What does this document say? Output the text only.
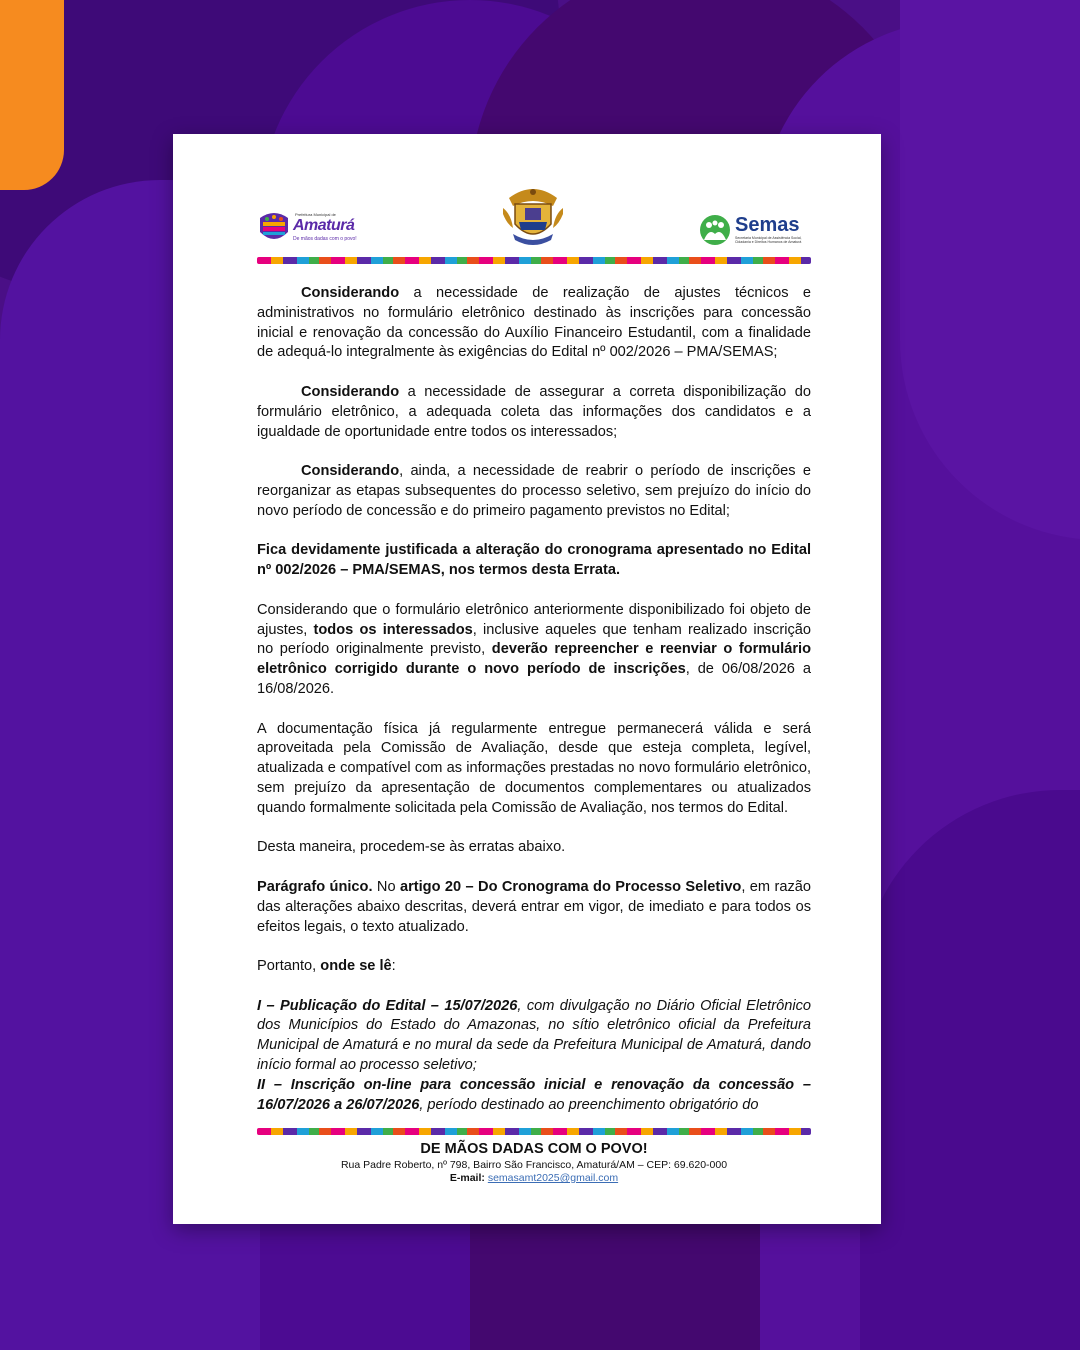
Prefeitura Municipal de
Amaturá
De mãos dadas com o povo!
Semas
Secretaria Municipal de Assistência Social, Cidadania e Direitos Humanos de Amaturá

Considerando a necessidade de realização de ajustes técnicos e administrativos no formulário eletrônico destinado às inscrições para concessão inicial e renovação da concessão do Auxílio Financeiro Estudantil, com a finalidade de adequá-lo integralmente às exigências do Edital nº 002/2026 – PMA/SEMAS;

Considerando a necessidade de assegurar a correta disponibilização do formulário eletrônico, a adequada coleta das informações dos candidatos e a igualdade de oportunidade entre todos os interessados;

Considerando, ainda, a necessidade de reabrir o período de inscrições e reorganizar as etapas subsequentes do processo seletivo, sem prejuízo do início do novo período de concessão e do primeiro pagamento previstos no Edital;

Fica devidamente justificada a alteração do cronograma apresentado no Edital nº 002/2026 – PMA/SEMAS, nos termos desta Errata.

Considerando que o formulário eletrônico anteriormente disponibilizado foi objeto de ajustes, todos os interessados, inclusive aqueles que tenham realizado inscrição no período originalmente previsto, deverão repreencher e reenviar o formulário eletrônico corrigido durante o novo período de inscrições, de 06/08/2026 a 16/08/2026.

A documentação física já regularmente entregue permanecerá válida e será aproveitada pela Comissão de Avaliação, desde que esteja completa, legível, atualizada e compatível com as informações prestadas no novo formulário eletrônico, sem prejuízo da apresentação de documentos complementares ou atualizados quando formalmente solicitada pela Comissão de Avaliação, nos termos do Edital.

Desta maneira, procedem-se às erratas abaixo.

Parágrafo único. No artigo 20 – Do Cronograma do Processo Seletivo, em razão das alterações abaixo descritas, deverá entrar em vigor, de imediato e para todos os efeitos legais, o texto atualizado.

Portanto, onde se lê:

I – Publicação do Edital – 15/07/2026, com divulgação no Diário Oficial Eletrônico dos Municípios do Estado do Amazonas, no sítio eletrônico oficial da Prefeitura Municipal de Amaturá e no mural da sede da Prefeitura Municipal de Amaturá, dando início formal ao processo seletivo;

II – Inscrição on-line para concessão inicial e renovação da concessão – 16/07/2026 a 26/07/2026, período destinado ao preenchimento obrigatório do

DE MÃOS DADAS COM O POVO!
Rua Padre Roberto, nº 798, Bairro São Francisco, Amaturá/AM – CEP: 69.620-000
E-mail: semasamt2025@gmail.com
